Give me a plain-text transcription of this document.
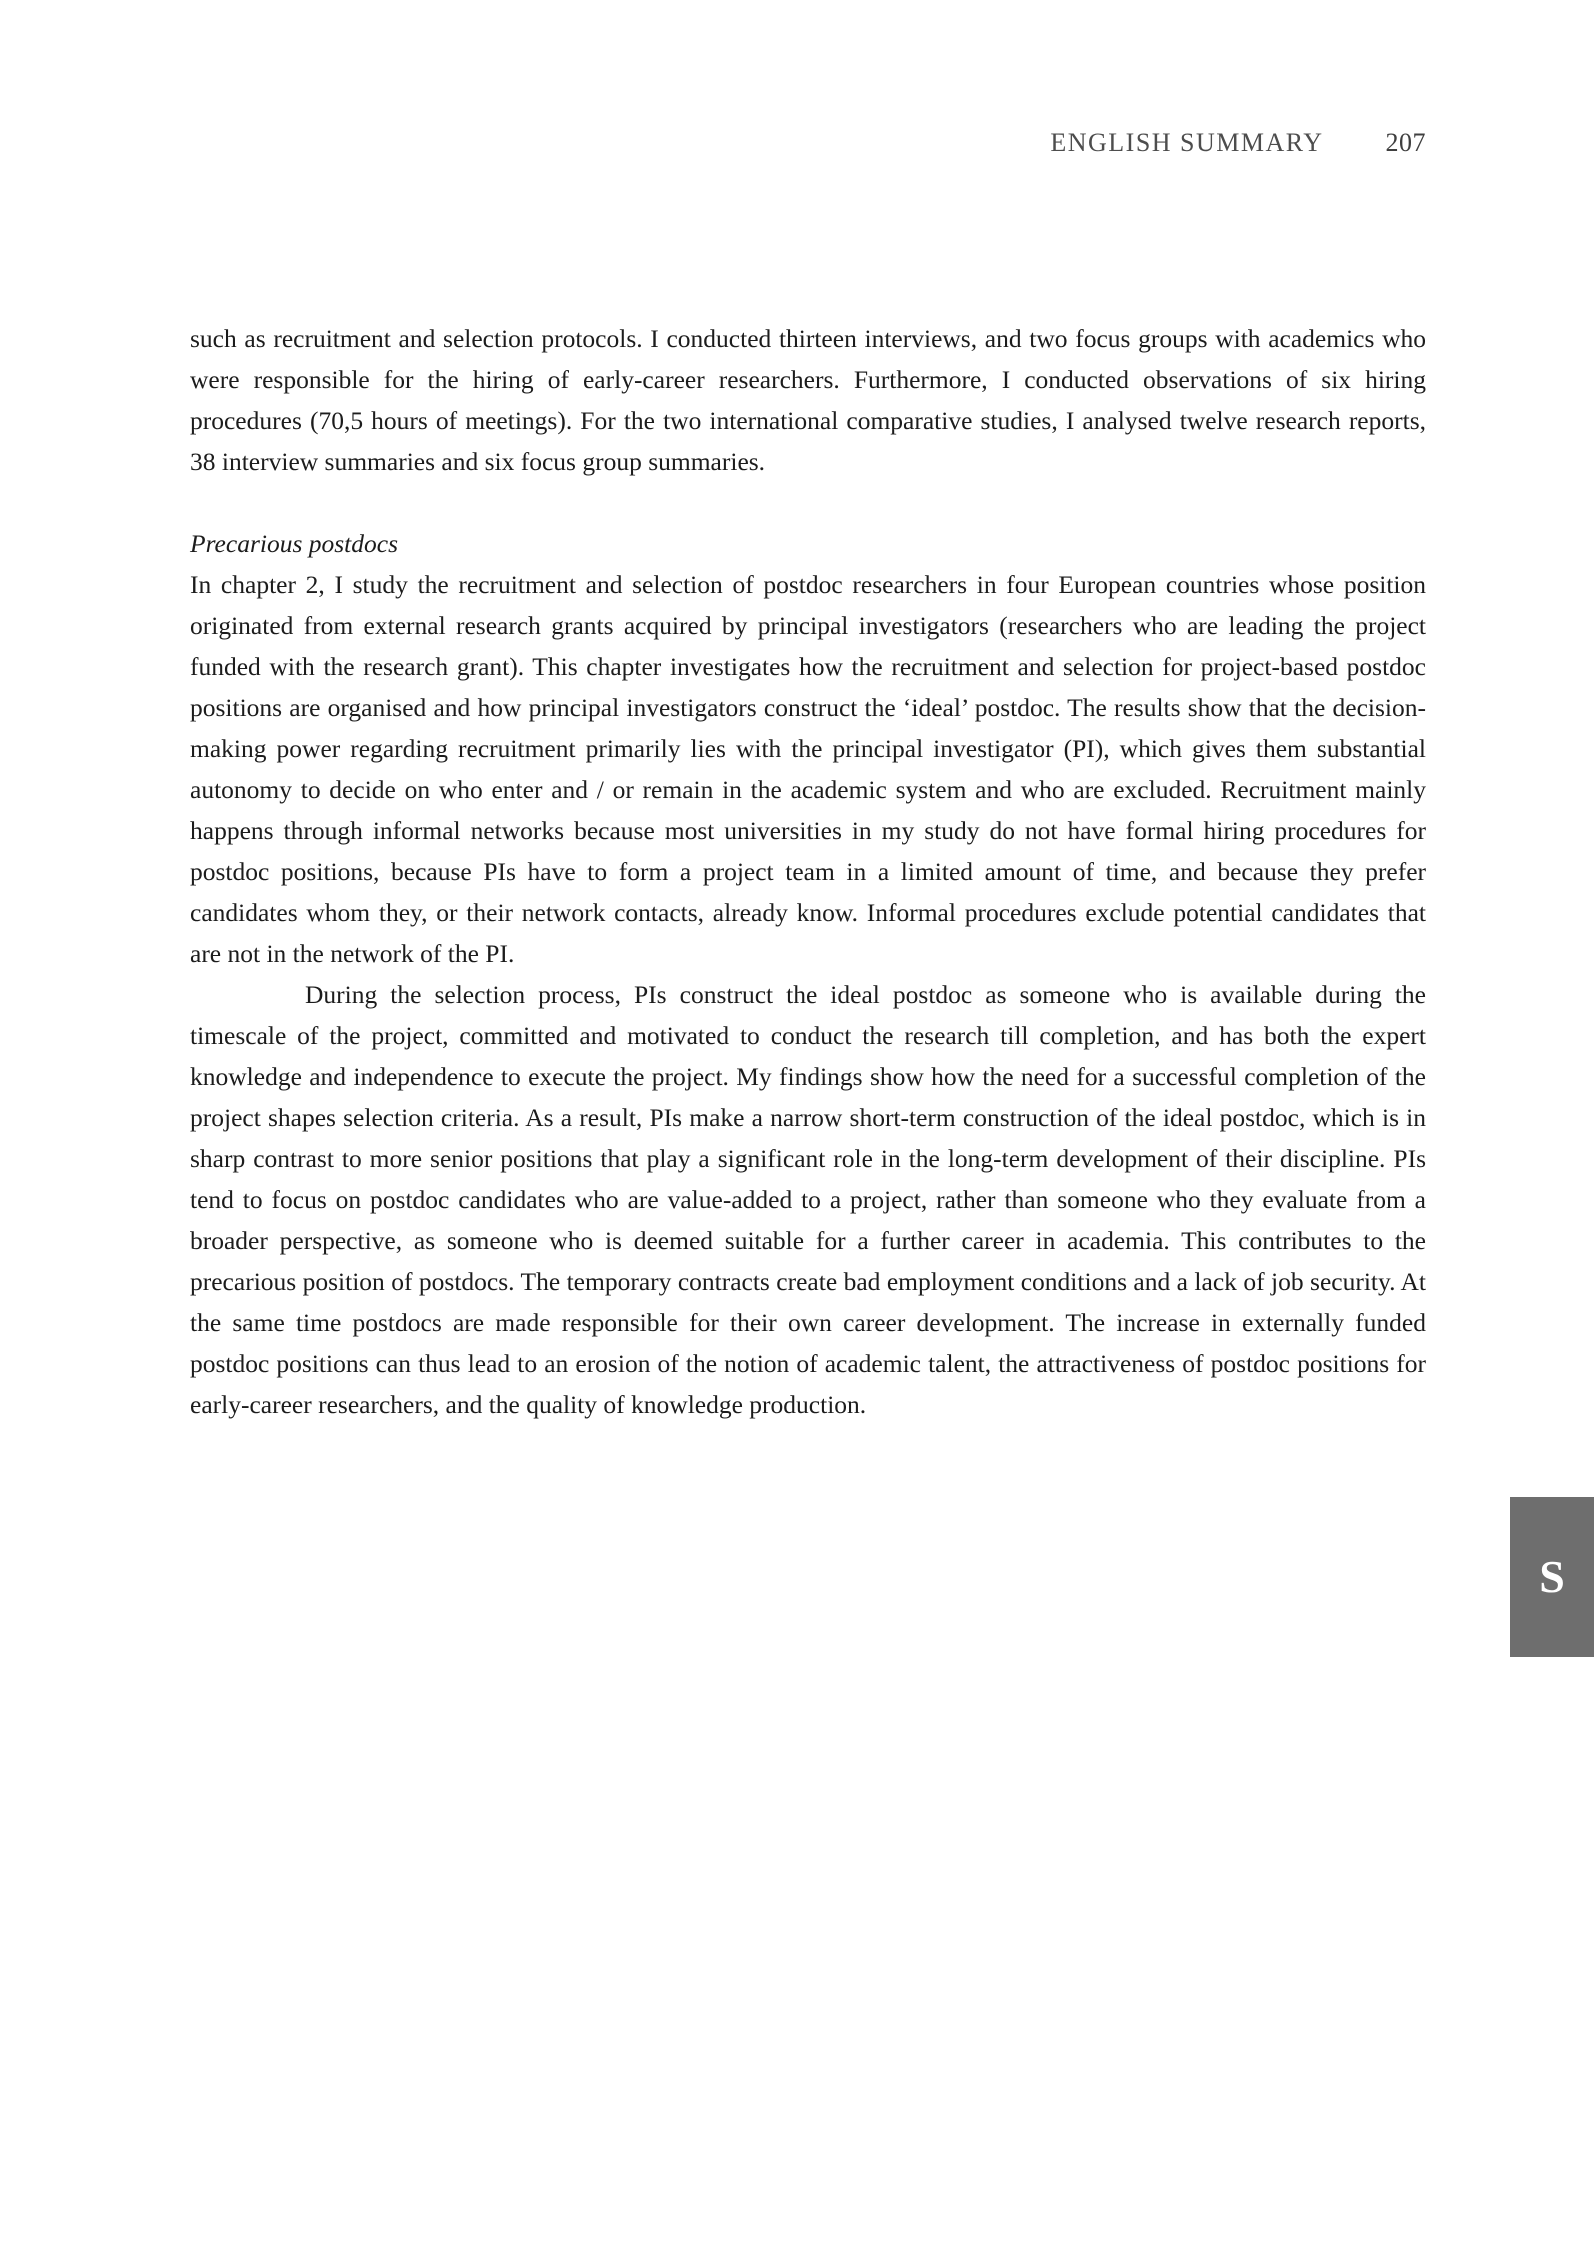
ENGLISH SUMMARY 207

such as recruitment and selection protocols. I conducted thirteen interviews, and two focus groups with academics who were responsible for the hiring of early-career researchers. Furthermore, I conducted observations of six hiring procedures (70,5 hours of meetings). For the two international comparative studies, I analysed twelve research reports, 38 interview summaries and six focus group summaries.

Precarious postdocs

In chapter 2, I study the recruitment and selection of postdoc researchers in four European countries whose position originated from external research grants acquired by principal investigators (researchers who are leading the project funded with the research grant). This chapter investigates how the recruitment and selection for project-based postdoc positions are organised and how principal investigators construct the ‘ideal’ postdoc. The results show that the decision-making power regarding recruitment primarily lies with the principal investigator (PI), which gives them substantial autonomy to decide on who enter and / or remain in the academic system and who are excluded. Recruitment mainly happens through informal networks because most universities in my study do not have formal hiring procedures for postdoc positions, because PIs have to form a project team in a limited amount of time, and because they prefer candidates whom they, or their network contacts, already know. Informal procedures exclude potential candidates that are not in the network of the PI.

During the selection process, PIs construct the ideal postdoc as someone who is available during the timescale of the project, committed and motivated to conduct the research till completion, and has both the expert knowledge and independence to execute the project. My findings show how the need for a successful completion of the project shapes selection criteria. As a result, PIs make a narrow short-term construction of the ideal postdoc, which is in sharp contrast to more senior positions that play a significant role in the long-term development of their discipline. PIs tend to focus on postdoc candidates who are value-added to a project, rather than someone who they evaluate from a broader perspective, as someone who is deemed suitable for a further career in academia. This contributes to the precarious position of postdocs. The temporary contracts create bad employment conditions and a lack of job security. At the same time postdocs are made responsible for their own career development. The increase in externally funded postdoc positions can thus lead to an erosion of the notion of academic talent, the attractiveness of postdoc positions for early-career researchers, and the quality of knowledge production.

S
